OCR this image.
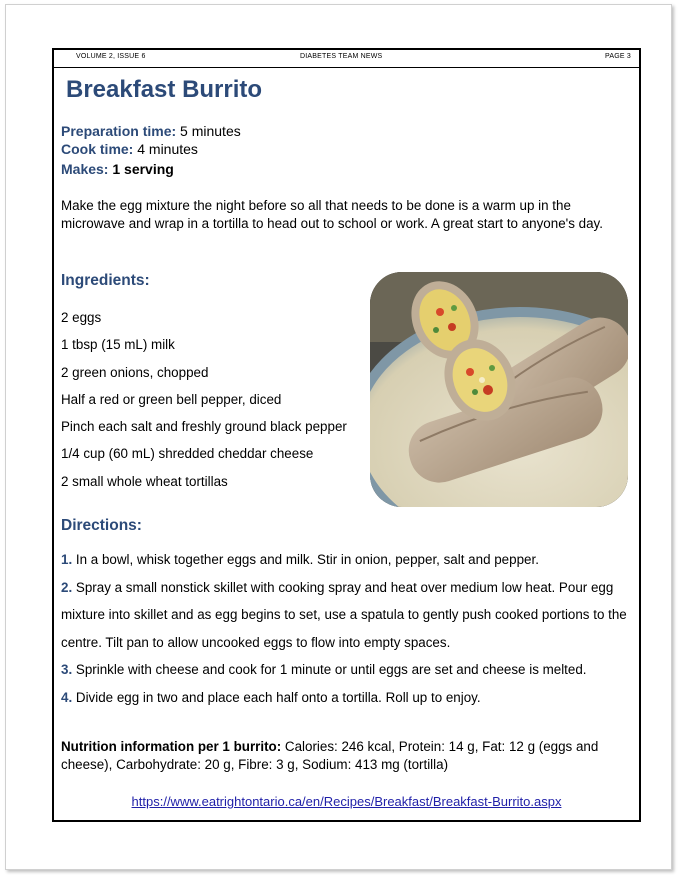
VOLUME 2, ISSUE 6	DIABETES TEAM NEWS	PAGE 3
Breakfast Burrito
Preparation time: 5 minutes
Cook time: 4 minutes
Makes: 1 serving

Make the egg mixture the night before so all that needs to be done is a warm up in the microwave and wrap in a tortilla to head out to school or work. A great start to anyone's day.

Ingredients:
2 eggs
1 tbsp (15 mL) milk
2 green onions, chopped
Half a red or green bell pepper, diced
Pinch each salt and freshly ground black pepper
1/4 cup (60 mL) shredded cheddar cheese
2 small whole wheat tortillas
Directions:
1. In a bowl, whisk together eggs and milk. Stir in onion, pepper, salt and pepper.
2. Spray a small nonstick skillet with cooking spray and heat over medium low heat. Pour egg mixture into skillet and as egg begins to set, use a spatula to gently push cooked portions to the centre. Tilt pan to allow uncooked eggs to flow into empty spaces.
3. Sprinkle with cheese and cook for 1 minute or until eggs are set and cheese is melted.
4. Divide egg in two and place each half onto a tortilla. Roll up to enjoy.

Nutrition information per 1 burrito: Calories: 246 kcal, Protein: 14 g, Fat: 12 g (eggs and cheese), Carbohydrate: 20 g, Fibre: 3 g, Sodium: 413 mg (tortilla)

https://www.eatrightontario.ca/en/Recipes/Breakfast/Breakfast-Burrito.aspx
